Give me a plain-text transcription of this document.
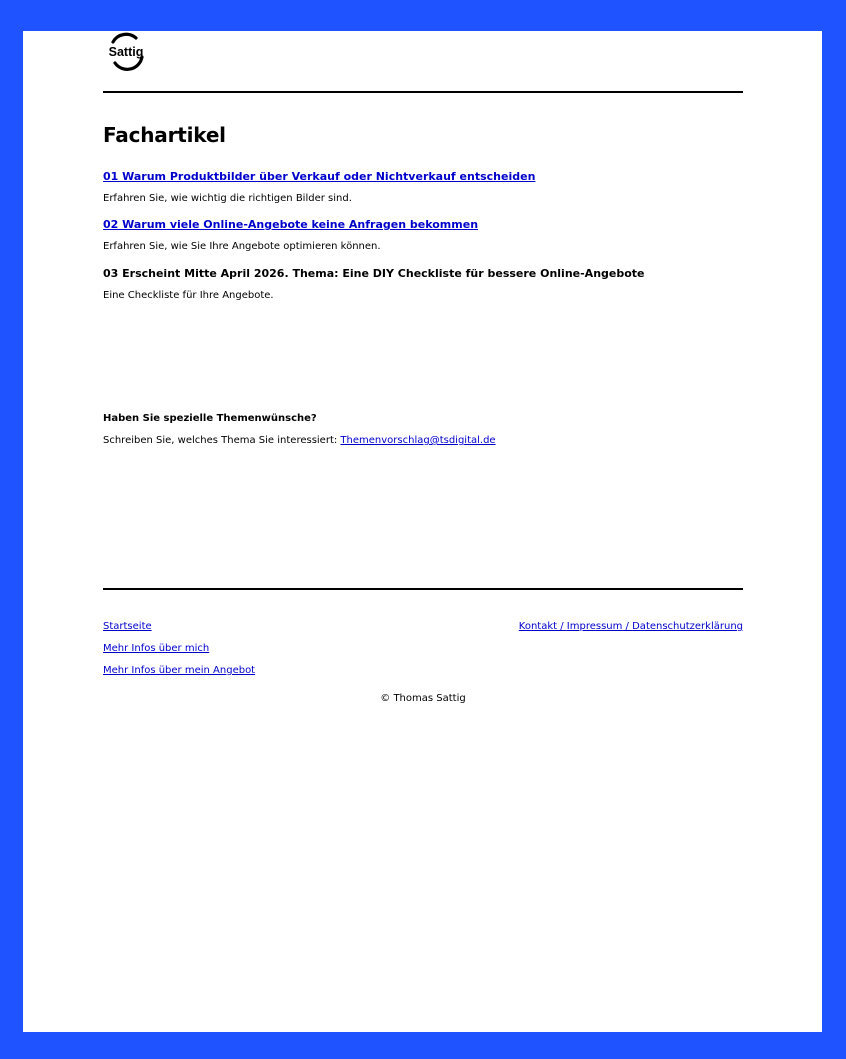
Sattig
Fachartikel
01 Warum Produktbilder über Verkauf oder Nichtverkauf entscheiden
Erfahren Sie, wie wichtig die richtigen Bilder sind.
02 Warum viele Online-Angebote keine Anfragen bekommen
Erfahren Sie, wie Sie Ihre Angebote optimieren können.
03 Erscheint Mitte April 2026. Thema: Eine DIY Checkliste für bessere Online-Angebote
Eine Checkliste für Ihre Angebote.
Haben Sie spezielle Themenwünsche?
Schreiben Sie, welches Thema Sie interessiert: Themenvorschlag@tsdigital.de
Startseite
Mehr Infos über mich
Mehr Infos über mein Angebot
Kontakt / Impressum / Datenschutzerklärung
© Thomas Sattig
